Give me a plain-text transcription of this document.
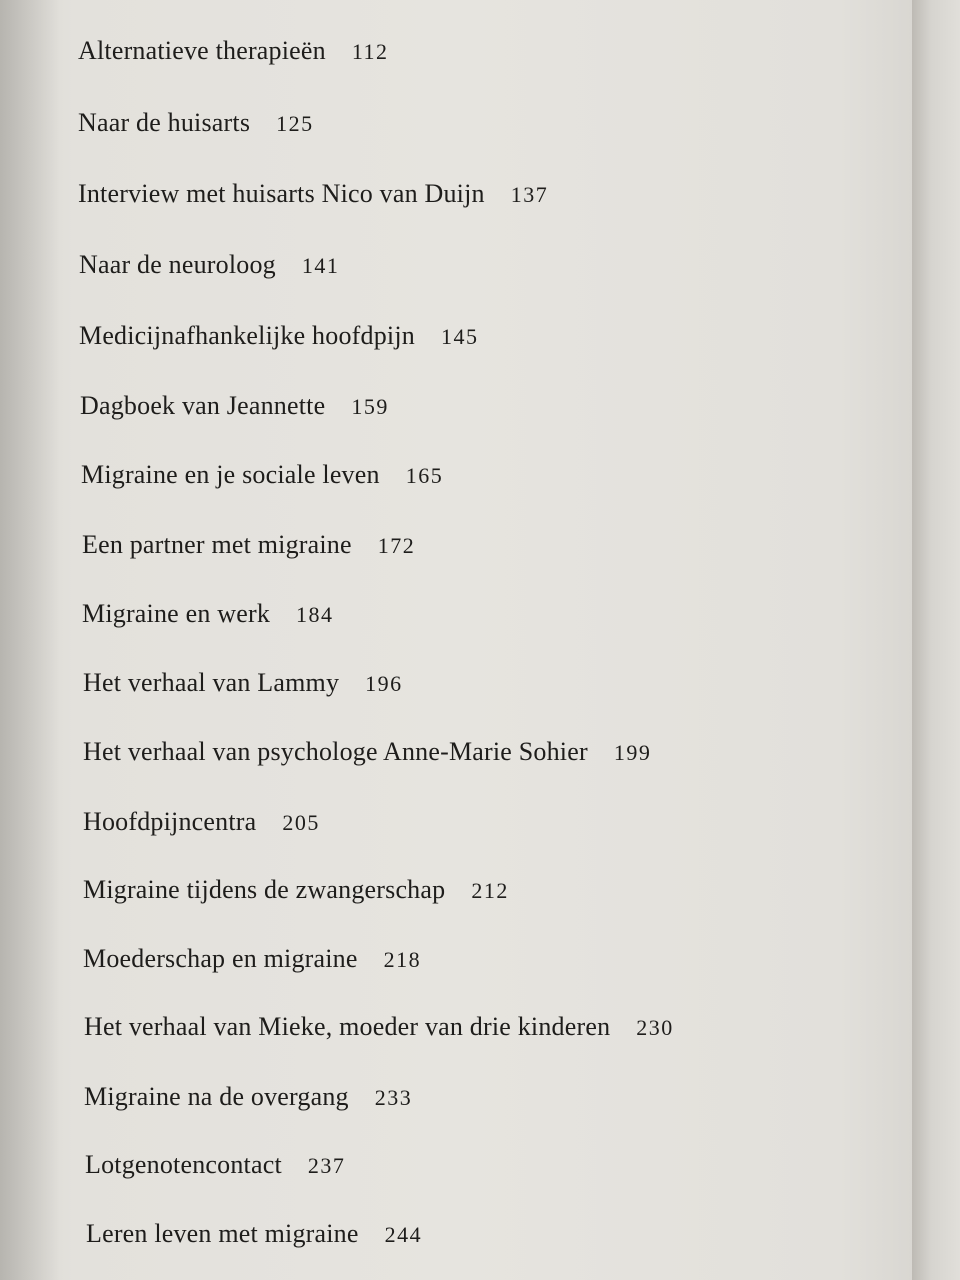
Alternatieve therapieën 112
Naar de huisarts 125
Interview met huisarts Nico van Duijn 137
Naar de neuroloog 141
Medicijnafhankelijke hoofdpijn 145
Dagboek van Jeannette 159
Migraine en je sociale leven 165
Een partner met migraine 172
Migraine en werk 184
Het verhaal van Lammy 196
Het verhaal van psychologe Anne-Marie Sohier 199
Hoofdpijncentra 205
Migraine tijdens de zwangerschap 212
Moederschap en migraine 218
Het verhaal van Mieke, moeder van drie kinderen 230
Migraine na de overgang 233
Lotgenotencontact 237
Leren leven met migraine 244
